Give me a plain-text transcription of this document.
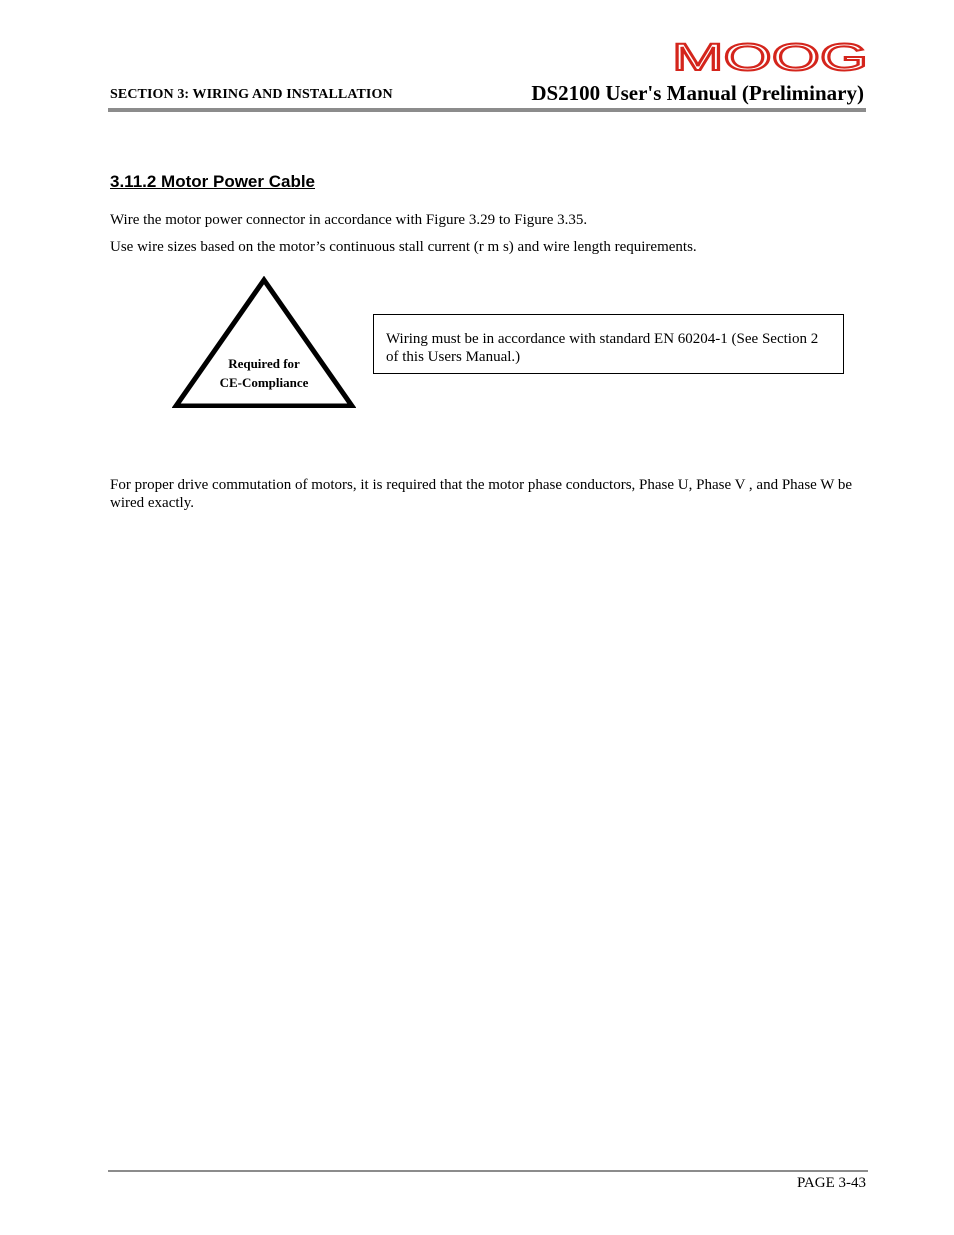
MOOG
SECTION 3: WIRING AND INSTALLATION	DS2100 User's Manual (Preliminary)
3.11.2 Motor Power Cable
Wire the motor power connector in accordance with Figure 3.29 to Figure 3.35.
Use wire sizes based on the motor’s continuous stall current (r m s) and wire length requirements.
Required for
CE-Compliance
Wiring must be in accordance with standard EN 60204-1 (See Section 2 of this Users Manual.)
For proper drive commutation of motors, it is required that the motor phase conductors, Phase U, Phase V , and Phase W be wired exactly.
PAGE 3-43
